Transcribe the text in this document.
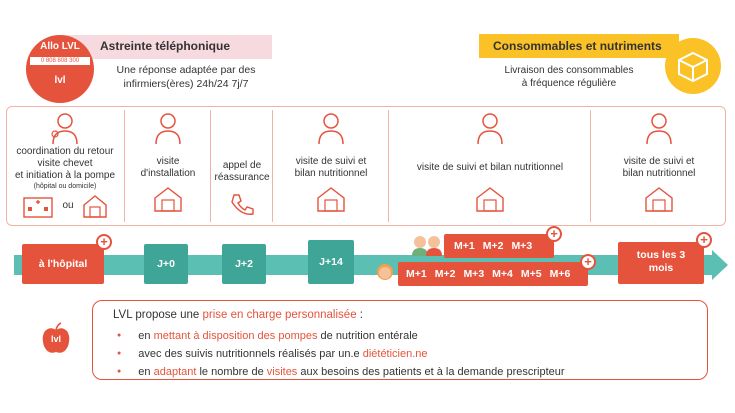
Astreinte téléphonique
Une réponse adaptée par des
infirmiers(ères) 24h/24 7j/7
Allo LVL
0 808 808 300
lvl
Consommables et nutriments
Livraison des consommables
à fréquence régulière
coordination du retour
visite chevet
et initiation à la pompe
(hôpital ou domicile)
ou
visite
d'installation
appel de
réassurance
visite de suivi et
bilan nutritionnel
visite de suivi et bilan nutritionnel
visite de suivi et
bilan nutritionnel
à l'hôpital
+
J+0	J+2	J+14
M+1 M+2 M+3
+
M+1 M+2 M+3 M+4 M+5 M+6
+	tous les 3
mois
+
lvl
LVL propose une prise en charge personnalisée :
● en mettant à disposition des pompes de nutrition entérale
● avec des suivis nutritionnels réalisés par un.e diététicien.ne
● en adaptant le nombre de visites aux besoins des patients et à la demande prescripteur
